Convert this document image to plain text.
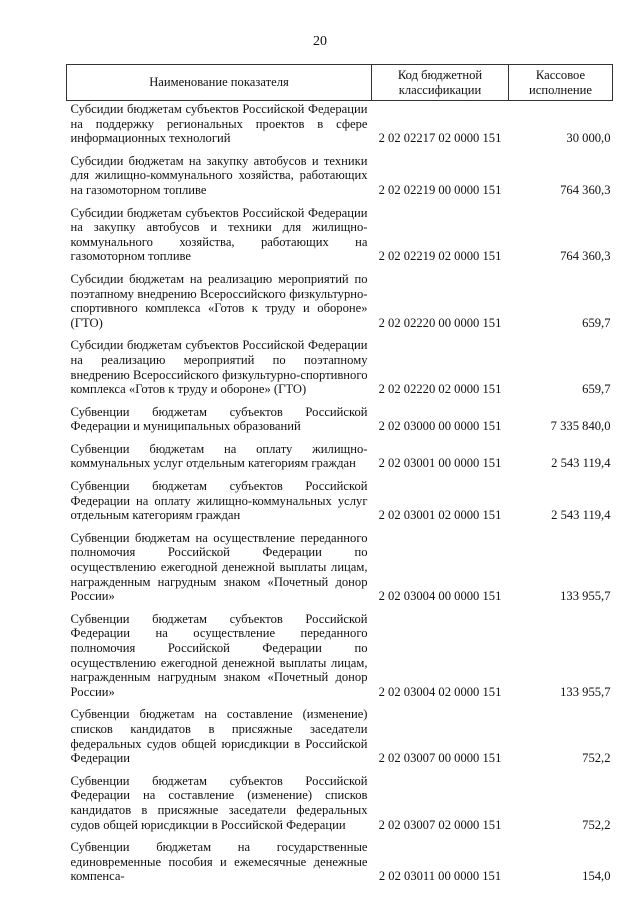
20
Наименование показателя	Код бюджетной классификации	Кассовое исполнение
Субсидии бюджетам субъектов Российской Федерации на поддержку региональных проектов в сфере информационных технологий	2 02 02217 02 0000 151	30 000,0
Субсидии бюджетам на закупку автобусов и техники для жилищно-коммунального хозяйства, работающих на газомоторном топливе	2 02 02219 00 0000 151	764 360,3
Субсидии бюджетам субъектов Российской Федерации на закупку автобусов и техники для жилищно-коммунального хозяйства, работающих на газомоторном топливе	2 02 02219 02 0000 151	764 360,3
Субсидии бюджетам на реализацию мероприятий по поэтапному внедрению Всероссийского физкультурно-спортивного комплекса «Готов к труду и обороне» (ГТО)	2 02 02220 00 0000 151	659,7
Субсидии бюджетам субъектов Российской Федерации на реализацию мероприятий по поэтапному внедрению Всероссийского физкультурно-спортивного комплекса «Готов к труду и обороне» (ГТО)	2 02 02220 02 0000 151	659,7
Субвенции бюджетам субъектов Российской Федерации и муниципальных образований	2 02 03000 00 0000 151	7 335 840,0
Субвенции бюджетам на оплату жилищно-коммунальных услуг отдельным категориям граждан	2 02 03001 00 0000 151	2 543 119,4
Субвенции бюджетам субъектов Российской Федерации на оплату жилищно-коммунальных услуг отдельным категориям граждан	2 02 03001 02 0000 151	2 543 119,4
Субвенции бюджетам на осуществление переданного полномочия Российской Федерации по осуществлению ежегодной денежной выплаты лицам, награжденным нагрудным знаком «Почетный донор России»	2 02 03004 00 0000 151	133 955,7
Субвенции бюджетам субъектов Российской Федерации на осуществление переданного полномочия Российской Федерации по осуществлению ежегодной денежной выплаты лицам, награжденным нагрудным знаком «Почетный донор России»	2 02 03004 02 0000 151	133 955,7
Субвенции бюджетам на составление (изменение) списков кандидатов в присяжные заседатели федеральных судов общей юрисдикции в Российской Федерации	2 02 03007 00 0000 151	752,2
Субвенции бюджетам субъектов Российской Федерации на составление (изменение) списков кандидатов в присяжные заседатели федеральных судов общей юрисдикции в Российской Федерации	2 02 03007 02 0000 151	752,2
Субвенции бюджетам на государственные единовременные пособия и ежемесячные денежные компенса-	2 02 03011 00 0000 151	154,0
